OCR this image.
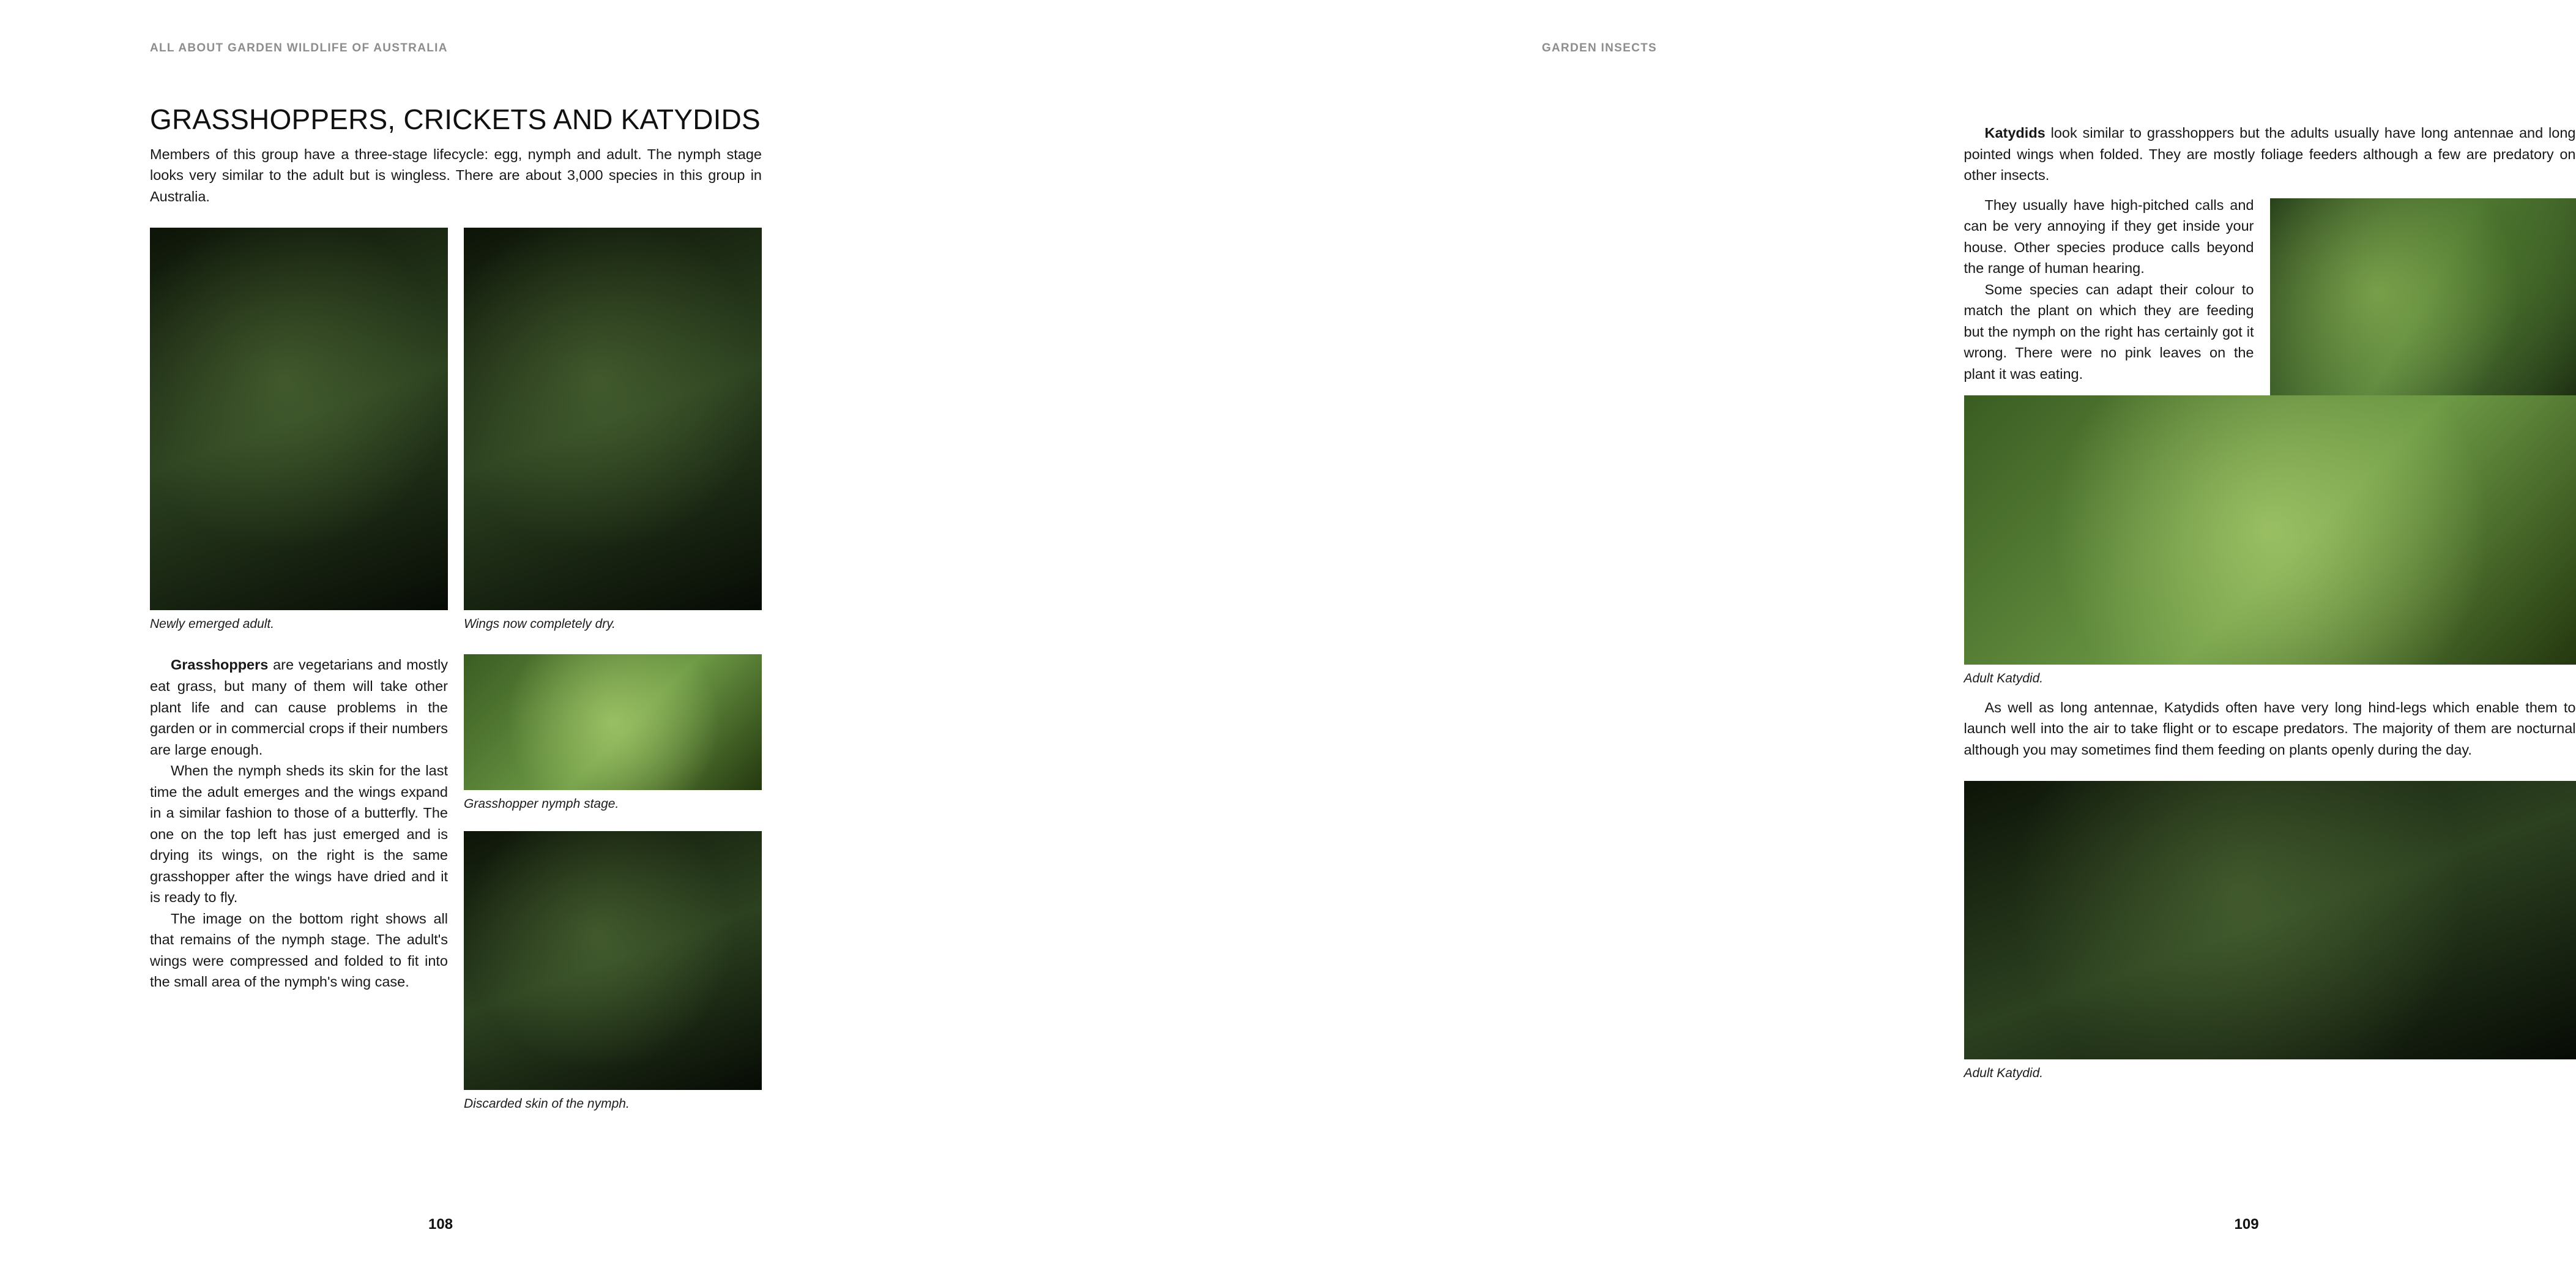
ALL ABOUT GARDEN WILDLIFE OF AUSTRALIA
GRASSHOPPERS, CRICKETS AND KATYDIDS

Members of this group have a three-stage lifecycle: egg, nymph and adult. The nymph stage looks very similar to the adult but is wingless. There are about 3,000 species in this group in Australia.

Newly emerged adult.	Wings now completely dry.

Grasshoppers are vegetarians and mostly eat grass, but many of them will take other plant life and can cause problems in the garden or in commercial crops if their numbers are large enough.

When the nymph sheds its skin for the last time the adult emerges and the wings expand in a similar fashion to those of a butterfly. The one on the top left has just emerged and is drying its wings, on the right is the same grasshopper after the wings have dried and it is ready to fly.

The image on the bottom right shows all that remains of the nymph stage. The adult's wings were compressed and folded to fit into the small area of the nymph's wing case.

Grasshopper nymph stage.
Discarded skin of the nymph.
108
GARDEN INSECTS

Katydids look similar to grasshoppers but the adults usually have long antennae and long pointed wings when folded. They are mostly foliage feeders although a few are predatory on other insects.

They usually have high-pitched calls and can be very annoying if they get inside your house. Other species produce calls beyond the range of human hearing.

Some species can adapt their colour to match the plant on which they are feeding but the nymph on the right has certainly got it wrong. There were no pink leaves on the plant it was eating.

Adult Katydid.

As well as long antennae, Katydids often have very long hind-legs which enable them to launch well into the air to take flight or to escape predators. The majority of them are nocturnal although you may sometimes find them feeding on plants openly during the day.

Adult Katydid.
109
